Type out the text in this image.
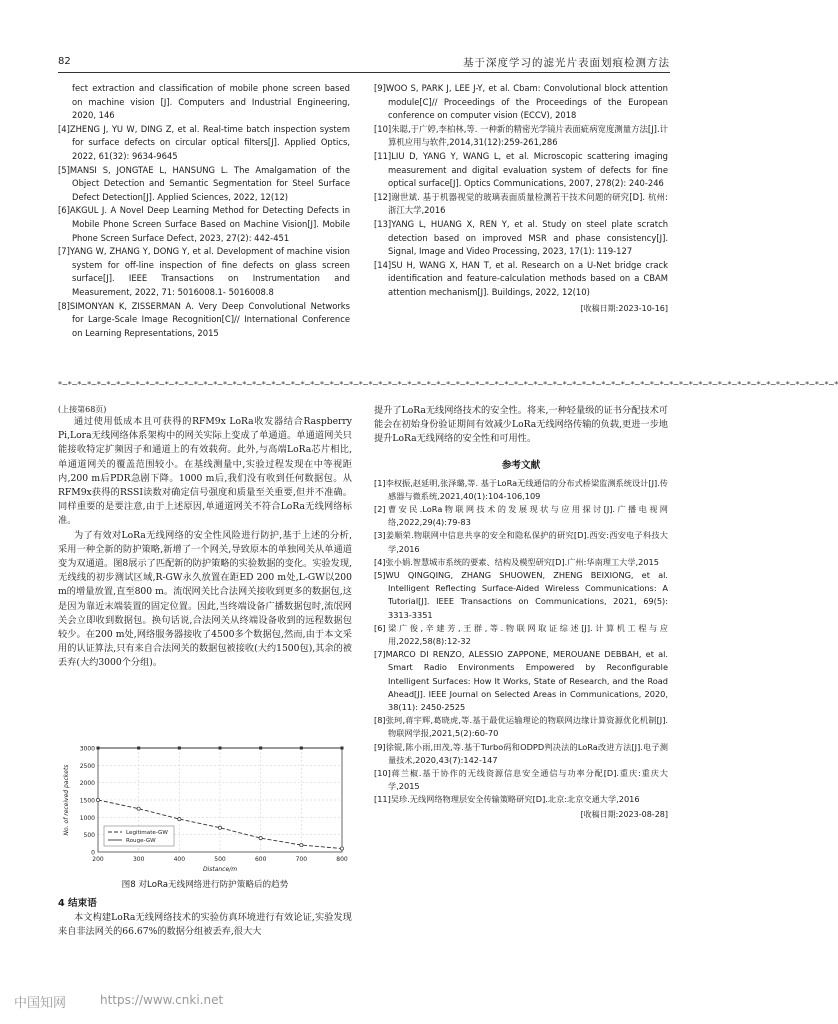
82	基于深度学习的滤光片表面划痕检测方法

fect extraction and classification of mobile phone screen based on machine vision [J]. Computers and Industrial Engineering, 2020, 146

[4]ZHENG J, YU W, DING Z, et al. Real-time batch inspection system for surface defects on circular optical filters[J]. Applied Optics, 2022, 61(32): 9634-9645

[5]MANSI S, JONGTAE L, HANSUNG L. The Amalgamation of the Object Detection and Semantic Segmentation for Steel Surface Defect Detection[J]. Applied Sciences, 2022, 12(12)

[6]AKGUL J. A Novel Deep Learning Method for Detecting Defects in Mobile Phone Screen Surface Based on Machine Vision[J]. Mobile Phone Screen Surface Defect, 2023, 27(2): 442-451

[7]YANG W, ZHANG Y, DONG Y, et al. Development of machine vision system for off-line inspection of fine defects on glass screen surface[J]. IEEE Transactions on Instrumentation and Measurement, 2022, 71: 5016008.1- 5016008.8

[8]SIMONYAN K, ZISSERMAN A. Very Deep Convolutional Networks for Large-Scale Image Recognition[C]// International Conference on Learning Representations, 2015

[9]WOO S, PARK J, LEE J-Y, et al. Cbam: Convolutional block attention module[C]// Proceedings of the Proceedings of the European conference on computer vision (ECCV), 2018

[10]朱聪,于广婷,李柏林,等. 一种新的精密光学镜片表面疵病宽度测量方法[J].计算机应用与软件,2014,31(12):259-261,286

[11]LIU D, YANG Y, WANG L, et al. Microscopic scattering imaging measurement and digital evaluation system of defects for fine optical surface[J]. Optics Communications, 2007, 278(2): 240-246

[12]谢世斌. 基于机器视觉的玻璃表面质量检测若干技术问题的研究[D]. 杭州:浙江大学,2016

[13]YANG L, HUANG X, REN Y, et al. Study on steel plate scratch detection based on improved MSR and phase consistency[J]. Signal, Image and Video Processing, 2023, 17(1): 119-127

[14]SU H, WANG X, HAN T, et al. Research on a U-Net bridge crack identification and feature-calculation methods based on a CBAM attention mechanism[J]. Buildings, 2022, 12(10)

[收稿日期:2023-10-16]
*~*~*~*~*~*~*~*~*~*~*~*~*~*~*~*~*~*~*~*~*~*~*~*~*~*~*~*~*~*~*~*~*~*~*~*~*~*~*~*~*~*~*~*~*~*~*~*~*~*~*~*~*~*~*~*~*~*~*~*~*~*~*~*~*~*~*~*~*~*~*~*~*~*~*~*~*~*~*~*~*
(上接第68页)

通过使用低成本且可获得的RFM9x LoRa收发器结合Raspberry Pi,Lora无线网络体系架构中的网关实际上变成了单通道。单通道网关只能接收特定扩频因子和通道上的有效载荷。此外,与高端LoRa芯片相比,单通道网关的覆盖范围较小。在基线测量中,实验过程发现在中等视距内,200 m后PDR急剧下降。1000 m后,我们没有收到任何数据包。从RFM9x获得的RSSI读数对确定信号强度和质量至关重要,但并不准确。同样重要的是要注意,由于上述原因,单通道网关不符合LoRa无线网络标准。

为了有效对LoRa无线网络的安全性风险进行防护,基于上述的分析,采用一种全新的防护策略,新增了一个网关,导致原本的单独网关从单通道变为双通道。图8展示了匹配新的防护策略的实验数据的变化。实验发现,无线线的初步测试区域,R-GW永久放置在距ED 200 m处,L-GW以200 m的增量放置,直至800 m。流氓网关比合法网关接收到更多的数据包,这是因为靠近末端装置的固定位置。因此,当终端设备广播数据包时,流氓网关会立即收到数据包。换句话说,合法网关从终端设备收到的远程数据包较少。在200 m处,网络服务器接收了4500多个数据包,然而,由于本文采用的认证算法,只有来自合法网关的数据包被接收(大约1500包),其余的被丢弃(大约3000个分组)。

0
500
1000
1500
2000
2500
3000
200	300	400	500	600	700	800
Distance/m
No. of received packets	Legitimate-GW
Rouge-GW
图8 对LoRa无线网络进行防护策略后的趋势
4 结束语

本文构建LoRa无线网络技术的实验仿真环境进行有效论证,实验发现来自非法网关的66.67%的数据分组被丢弃,很大大

提升了LoRa无线网络技术的安全性。将来,一种轻量级的证书分配技术可能会在初始身份验证期间有效减少LoRa无线网络传输的负载,更进一步地提升LoRa无线网络的安全性和可用性。

参考文献

[1]李权振,赵延明,张泽璐,等. 基于LoRa无线通信的分布式桥梁监测系统设计[J].传感器与微系统,2021,40(1):104-106,109

[2]曹安民.LoRa物联网技术的发展现状与应用探讨[J].广播电视网络,2022,29(4):79-83

[3]姜顺荣.物联网中信息共享的安全和隐私保护的研究[D].西安:西安电子科技大学,2016

[4]张小娟.智慧城市系统的要素、结构及模型研究[D].广州:华南理工大学,2015

[5]WU QINGQING, ZHANG SHUOWEN, ZHENG BEIXIONG, et al. Intelligent Reflecting Surface-Aided Wireless Communications: A Tutorial[J]. IEEE Transactions on Communications, 2021, 69(5): 3313-3351

[6]梁广俊,辛建芳,王群,等.物联网取证综述[J].计算机工程与应用,2022,58(8):12-32

[7]MARCO DI RENZO, ALESSIO ZAPPONE, MEROUANE DEBBAH, et al. Smart Radio Environments Empowered by Reconfigurable Intelligent Surfaces: How It Works, State of Research, and the Road Ahead[J]. IEEE Journal on Selected Areas in Communications, 2020, 38(11): 2450-2525

[8]张珂,蒋宇辉,葛晓虎,等.基于最优运输理论的物联网边缘计算资源优化机制[J].物联网学报,2021,5(2):60-70

[9]徐锟,陈小雨,田茂,等.基于Turbo码和ODPD判决法的LoRa改进方法[J].电子测量技术,2020,43(7):142-147

[10]蒋兰椒.基于协作的无线资源信息安全通信与功率分配[D].重庆:重庆大学,2015

[11]吴珍.无线网络物理层安全传输策略研究[D].北京:北京交通大学,2016

[收稿日期:2023-08-28]
中国知网	https://www.cnki.net
